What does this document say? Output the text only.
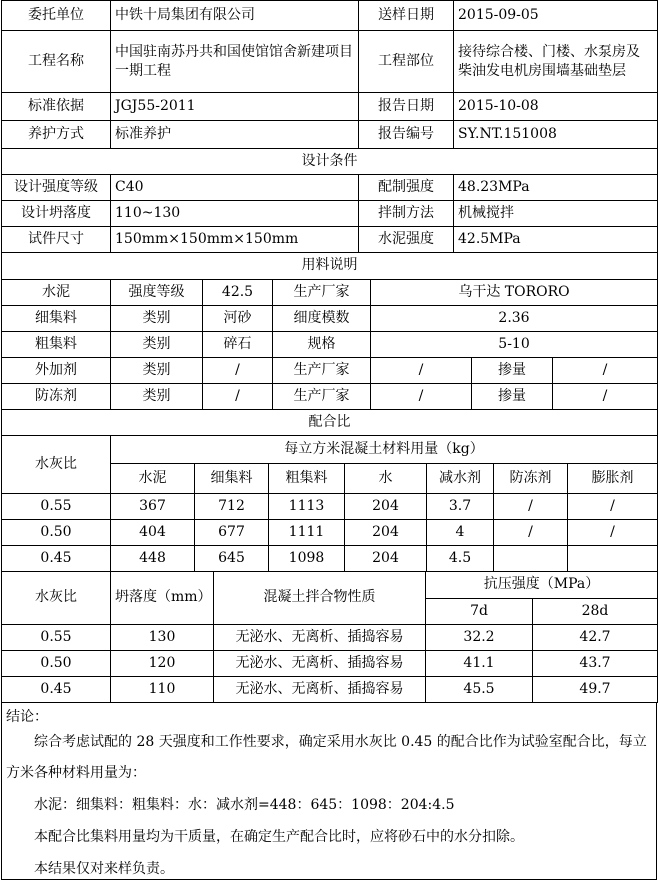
委托单位	中铁十局集团有限公司	送样日期	2015-09-05
工程名称	中国驻南苏丹共和国使馆馆舍新建项目一期工程	工程部位	接待综合楼、门楼、水泵房及柴油发电机房围墙基础垫层
标准依据	JGJ55-2011	报告日期	2015-10-08
养护方式	标准养护	报告编号	SY.NT.151008
设计条件			
设计强度等级	C40	配制强度	48.23MPa
设计坍落度	110~130	拌制方法	机械搅拌
试件尺寸	150mm×150mm×150mm	水泥强度	42.5MPa
用料说明						
水泥	强度等级	42.5	生产厂家	乌干达 TORORO		
细集料	类别	河砂	细度模数	2.36		
粗集料	类别	碎石	规格	5-10		
外加剂	类别	/	生产厂家	/	掺量	/
防冻剂	类别	/	生产厂家	/	掺量	/
配合比							
水灰比	每立方米混凝土材料用量（kg）						
	水泥	细集料	粗集料	水	减水剂	防冻剂	膨胀剂
0.55	367	712	1113	204	3.7	/	/
0.50	404	677	1111	204	4	/	/
0.45	448	645	1098	204	4.5		
水灰比	坍落度（mm）	混凝土拌合物性质	抗压强度（MPa）	
			7d	28d
0.55	130	无泌水、无离析、插捣容易	32.2	42.7
0.50	120	无泌水、无离析、插捣容易	41.1	43.7
0.45	110	无泌水、无离析、插捣容易	45.5	49.7

结论：

综合考虑试配的 28 天强度和工作性要求，确定采用水灰比 0.45 的配合比作为试验室配合比，每立方米各种材料用量为：

水泥：细集料：粗集料：水：减水剂=448：645：1098：204:4.5

本配合比集料用量均为干质量，在确定生产配合比时，应将砂石中的水分扣除。

本结果仅对来样负责。
